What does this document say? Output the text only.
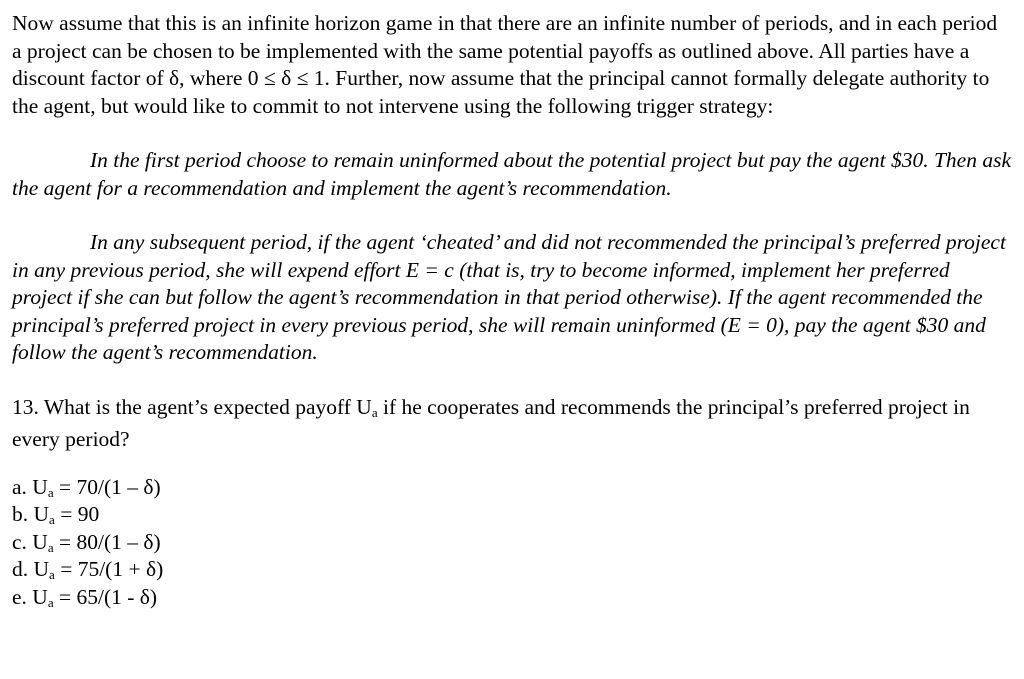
Now assume that this is an infinite horizon game in that there are an infinite number of periods, and in each period a project can be chosen to be implemented with the same potential payoffs as outlined above. All parties have a discount factor of δ, where 0 ≤ δ ≤ 1. Further, now assume that the principal cannot formally delegate authority to the agent, but would like to commit to not intervene using the following trigger strategy:

In the first period choose to remain uninformed about the potential project but pay the agent $30. Then ask the agent for a recommendation and implement the agent’s recommendation.

In any subsequent period, if the agent ‘cheated’ and did not recommended the principal’s preferred project in any previous period, she will expend effort E = c (that is, try to become informed, implement her preferred project if she can but follow the agent’s recommendation in that period otherwise). If the agent recommended the principal’s preferred project in every previous period, she will remain uninformed (E = 0), pay the agent $30 and follow the agent’s recommendation.

13. What is the agent’s expected payoff $U_a$ if he cooperates and recommends the principal’s preferred project in every period?

a. $U_a = 70/(1 - \delta)$
b. $U_a = 90$
c. $U_a = 80/(1 - \delta)$
d. $U_a = 75/(1 + \delta)$
e. $U_a = 65/(1 - \delta)$
